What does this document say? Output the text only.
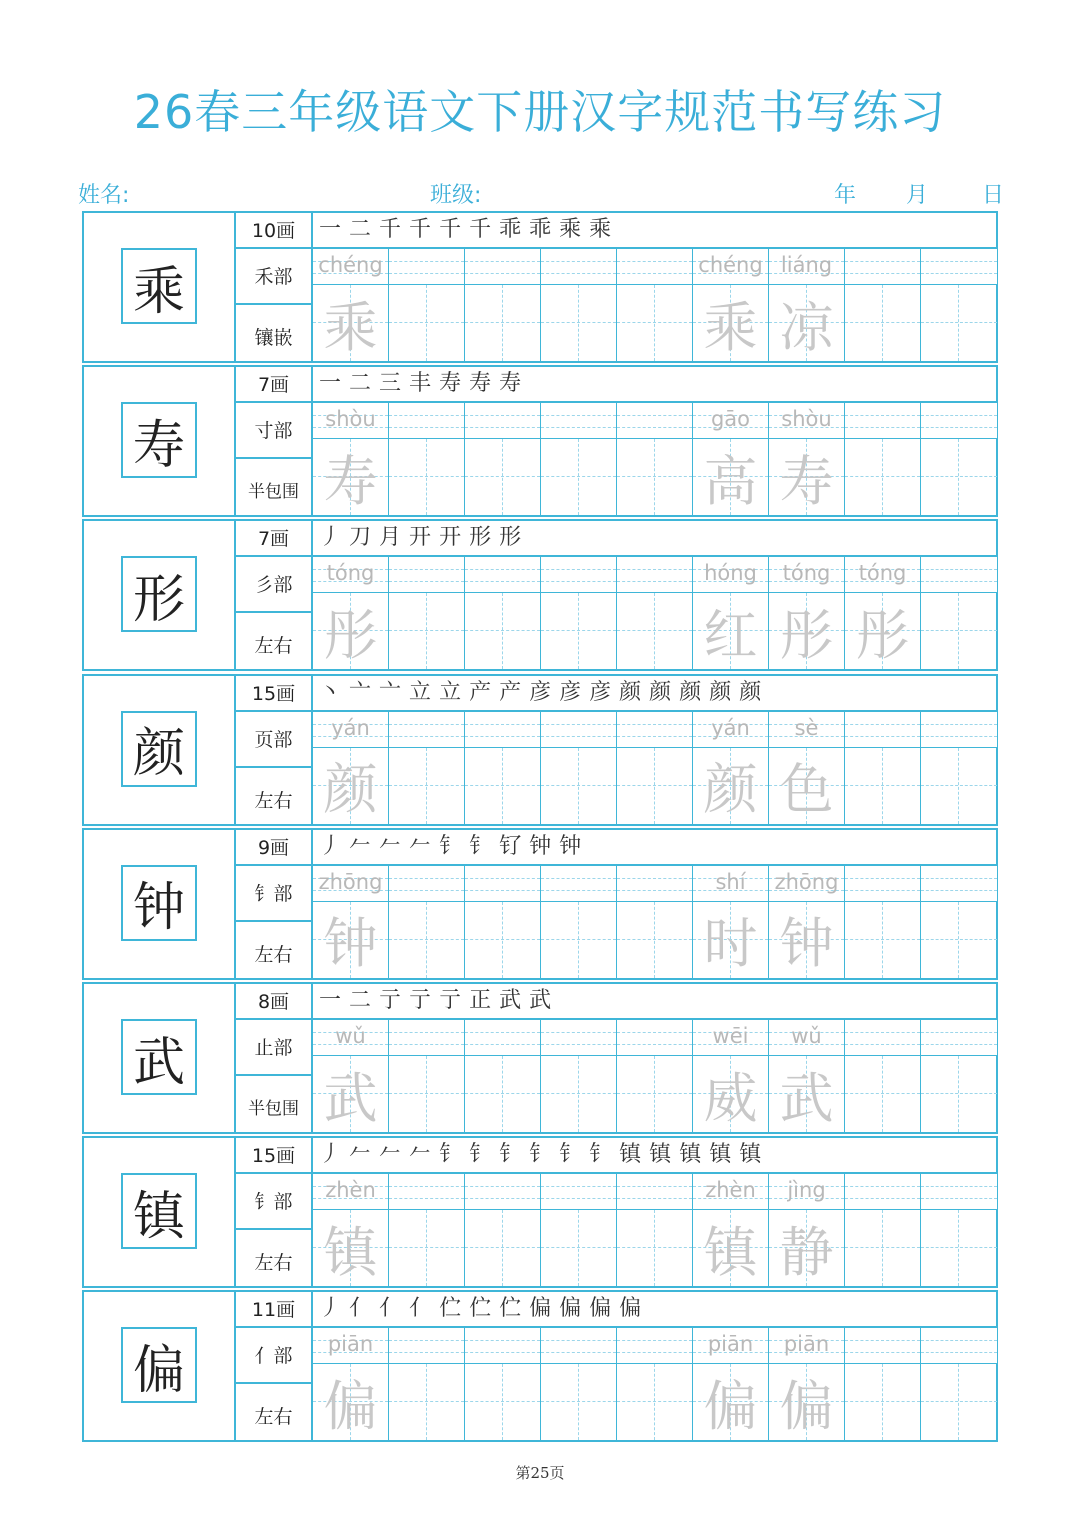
26春三年级语文下册汉字规范书写练习
姓名:	班级:	年 月 日
乘
10画
禾部
镶嵌
一 二 千 千 千 千 乖 乖 乘 乘
chéng
乘
chéng
乘
liáng
凉
寿
7画
寸部
半包围
一 二 三 丰 寿 寿 寿
shòu
寿
gāo
高
shòu
寿
形
7画
彡部
左右
丿 刀 月 开 开 形 形
tóng
彤
hóng
红
tóng
彤
tóng
彤
颜
15画
页部
左右
丶 亠 亠 立 立 产 产 彦 彦 彦 颜 颜 颜 颜 颜
yán
颜
yán
颜
sè
色
钟
9画
钅部
左右
丿 𠂉 𠂉 𠂉 钅 钅 钌 钟 钟
zhōng
钟
shí
时
zhōng
钟
武
8画
止部
半包围
一 二 亍 亍 亍 正 武 武
wǔ
武
wēi
威
wǔ
武
镇
15画
钅部
左右
丿 𠂉 𠂉 𠂉 钅 钅 钅 钅 钅 钅 镇 镇 镇 镇 镇
zhèn
镇
zhèn
镇
jìng
静
偏
11画
亻部
左右
丿 亻 亻 亻 伫 伫 伫 偏 偏 偏 偏
piān
偏
piān
偏
piān
偏
第25页
